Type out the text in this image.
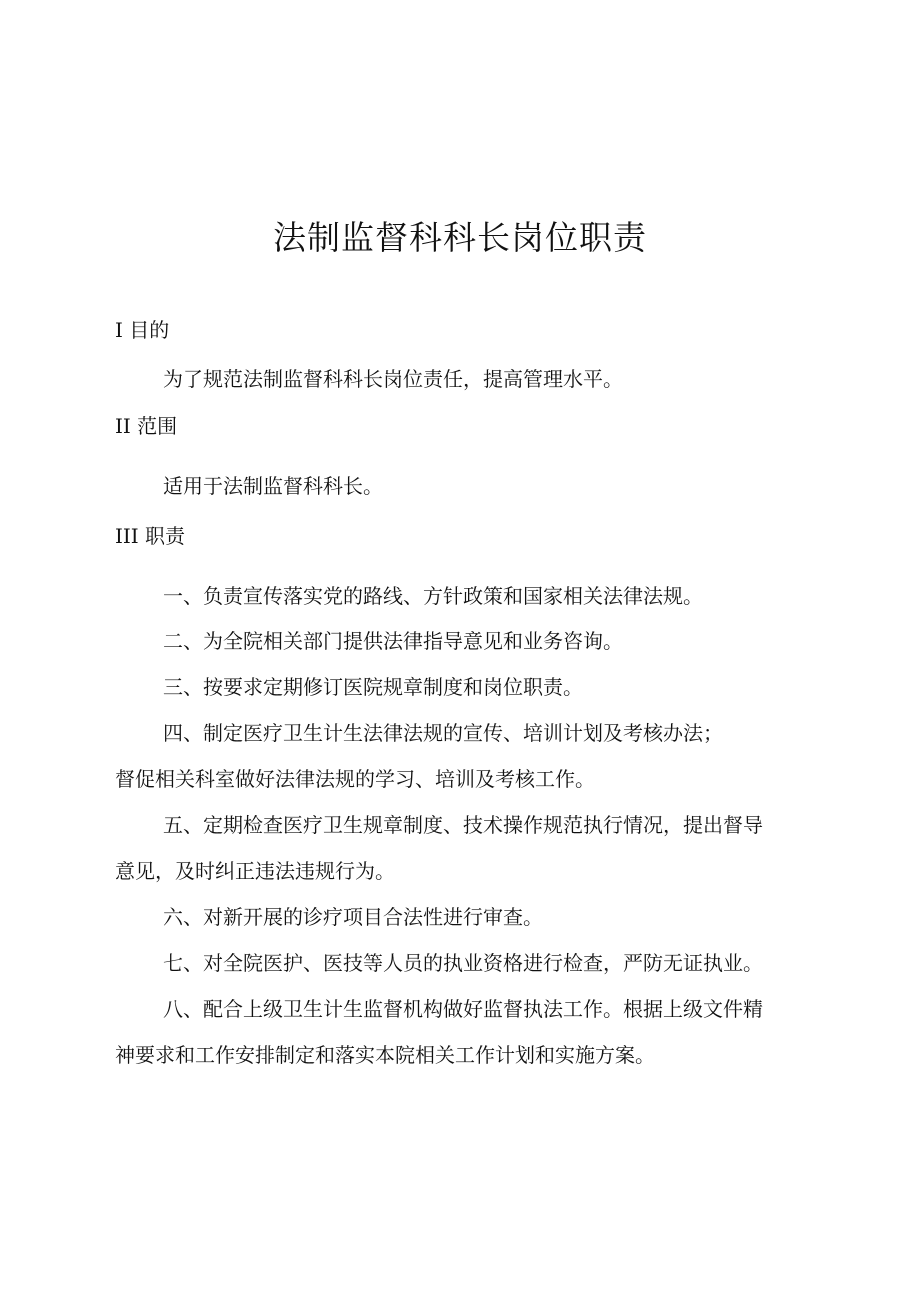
法制监督科科长岗位职责

I 目的

为了规范法制监督科科长岗位责任，提高管理水平。

II 范围

适用于法制监督科科长。

III 职责

一、负责宣传落实党的路线、方针政策和国家相关法律法规。

二、为全院相关部门提供法律指导意见和业务咨询。

三、按要求定期修订医院规章制度和岗位职责。

四、制定医疗卫生计生法律法规的宣传、培训计划及考核办法；

督促相关科室做好法律法规的学习、培训及考核工作。

五、定期检查医疗卫生规章制度、技术操作规范执行情况，提出督导

意见，及时纠正违法违规行为。

六、对新开展的诊疗项目合法性进行审查。

七、对全院医护、医技等人员的执业资格进行检查，严防无证执业。

八、配合上级卫生计生监督机构做好监督执法工作。根据上级文件精

神要求和工作安排制定和落实本院相关工作计划和实施方案。
